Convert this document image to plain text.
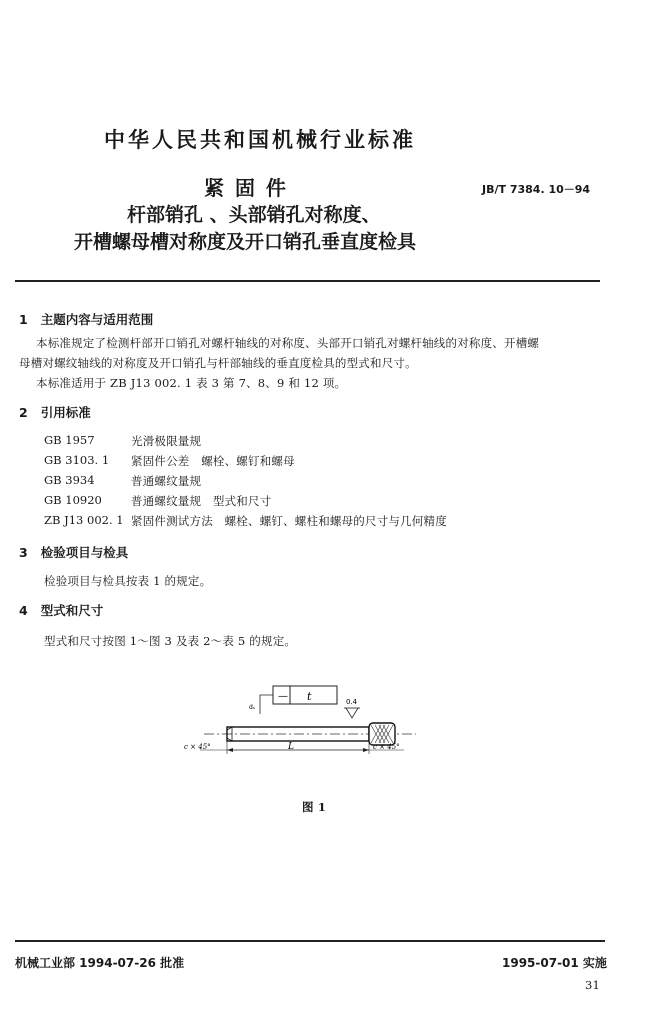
中华人民共和国机械行业标准
紧 固 件	JB/T 7384. 10－94
杆部销孔 、头部销孔对称度、
开槽螺母槽对称度及开口销孔垂直度检具
1 主题内容与适用范围
本标准规定了检测杆部开口销孔对螺杆轴线的对称度、头部开口销孔对螺杆轴线的对称度、开槽螺
母槽对螺纹轴线的对称度及开口销孔与杆部轴线的垂直度检具的型式和尺寸。
本标准适用于 ZB J13 002. 1 表 3 第 7、8、9 和 12 项。
2 引用标准
GB 1957	光滑极限量规
GB 3103. 1 紧固件公差　螺栓、螺钉和螺母
GB 3934	普通螺纹量规
GB 10920	普通螺纹量规　型式和尺寸
ZB J13 002. 1 紧固件测试方法　螺栓、螺钉、螺柱和螺母的尺寸与几何精度
3 检验项目与检具
检验项目与检具按表 1 的规定。
4 型式和尺寸
型式和尺寸按图 1～图 3 及表 2～表 5 的规定。
— t
dₛ
0.4
L
c × 45°	c × 45°
图 1
机械工业部 1994-07-26 批准	1995-07-01 实施
31
